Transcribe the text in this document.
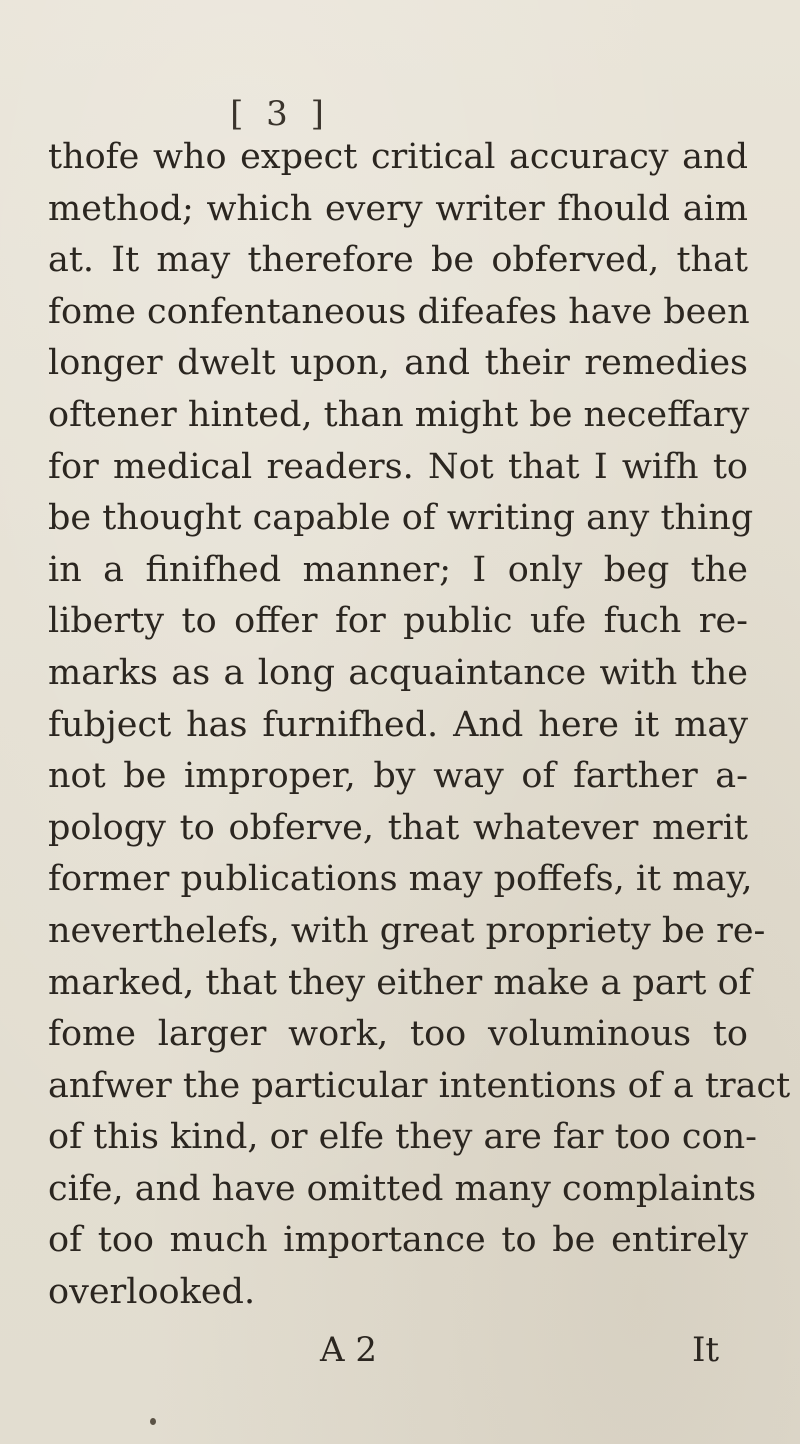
[ 3 ]
thofe who expect critical accuracy and
method; which every writer fhould aim
at. It may therefore be obferved, that
fome confentaneous difeafes have been
longer dwelt upon, and their remedies
oftener hinted, than might be neceffary
for medical readers. Not that I wifh to
be thought capable of writing any thing
in a finifhed manner; I only beg the
liberty to offer for public ufe fuch re-
marks as a long acquaintance with the
fubject has furnifhed. And here it may
not be improper, by way of farther a-
pology to obferve, that whatever merit
former publications may poffefs, it may,
neverthelefs, with great propriety be re-
marked, that they either make a part of
fome larger work, too voluminous to
anfwer the particular intentions of a tract
of this kind, or elfe they are far too con-
cife, and have omitted many complaints
of too much importance to be entirely
overlooked.
A 2	It
